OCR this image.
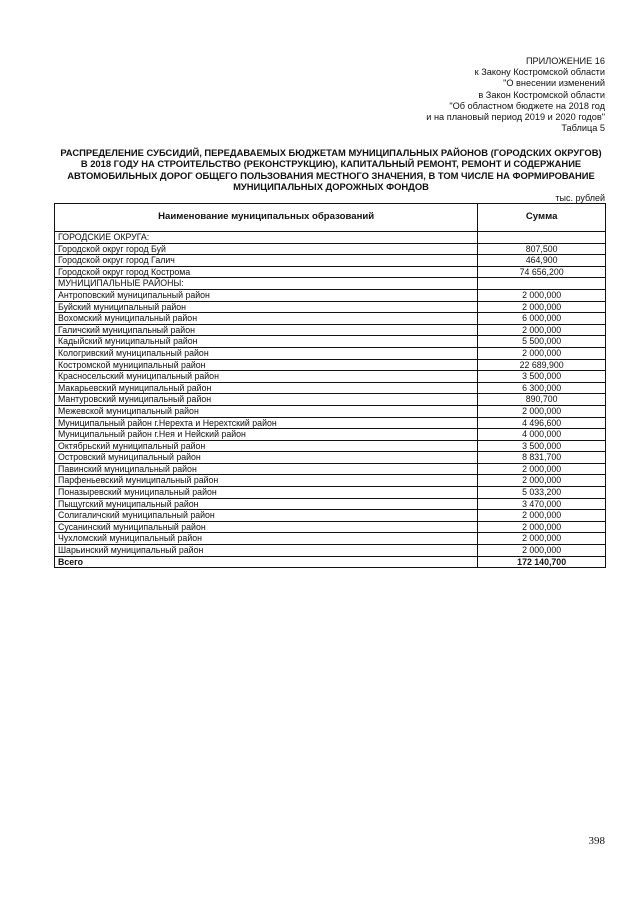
ПРИЛОЖЕНИЕ 16
к Закону Костромской области
"О внесении изменений
в Закон Костромской области
"Об областном бюджете на 2018 год
и на плановый период 2019 и 2020 годов"
Таблица 5
РАСПРЕДЕЛЕНИЕ СУБСИДИЙ, ПЕРЕДАВАЕМЫХ БЮДЖЕТАМ МУНИЦИПАЛЬНЫХ РАЙОНОВ (ГОРОДСКИХ ОКРУГОВ) В 2018 ГОДУ НА СТРОИТЕЛЬСТВО (РЕКОНСТРУКЦИЮ), КАПИТАЛЬНЫЙ РЕМОНТ, РЕМОНТ И СОДЕРЖАНИЕ АВТОМОБИЛЬНЫХ ДОРОГ ОБЩЕГО ПОЛЬЗОВАНИЯ МЕСТНОГО ЗНАЧЕНИЯ, В ТОМ ЧИСЛЕ НА ФОРМИРОВАНИЕ МУНИЦИПАЛЬНЫХ ДОРОЖНЫХ ФОНДОВ
тыс. рублей
Наименование муниципальных образований	Сумма
ГОРОДСКИЕ ОКРУГА:	
Городской округ город Буй	807,500
Городской округ город Галич	464,900
Городской округ город Кострома	74 656,200
МУНИЦИПАЛЬНЫЕ РАЙОНЫ:	
Антроповский муниципальный район	2 000,000
Буйский муниципальный район	2 000,000
Вохомский муниципальный район	6 000,000
Галичский муниципальный район	2 000,000
Кадыйский муниципальный район	5 500,000
Кологривский муниципальный район	2 000,000
Костромской муниципальный район	22 689,900
Красносельский муниципальный район	3 500,000
Макарьевский муниципальный район	6 300,000
Мантуровский муниципальный район	890,700
Межевской муниципальный район	2 000,000
Муниципальный район г.Нерехта и Нерехтский район	4 496,600
Муниципальный район г.Нея и Нейский район	4 000,000
Октябрьский муниципальный район	3 500,000
Островский муниципальный район	8 831,700
Павинский муниципальный район	2 000,000
Парфеньевский муниципальный район	2 000,000
Поназыревский муниципальный район	5 033,200
Пыщугский муниципальный район	3 470,000
Солигаличский муниципальный район	2 000,000
Сусанинский муниципальный район	2 000,000
Чухломский муниципальный район	2 000,000
Шарьинский муниципальный район	2 000,000
Всего	172 140,700
398
